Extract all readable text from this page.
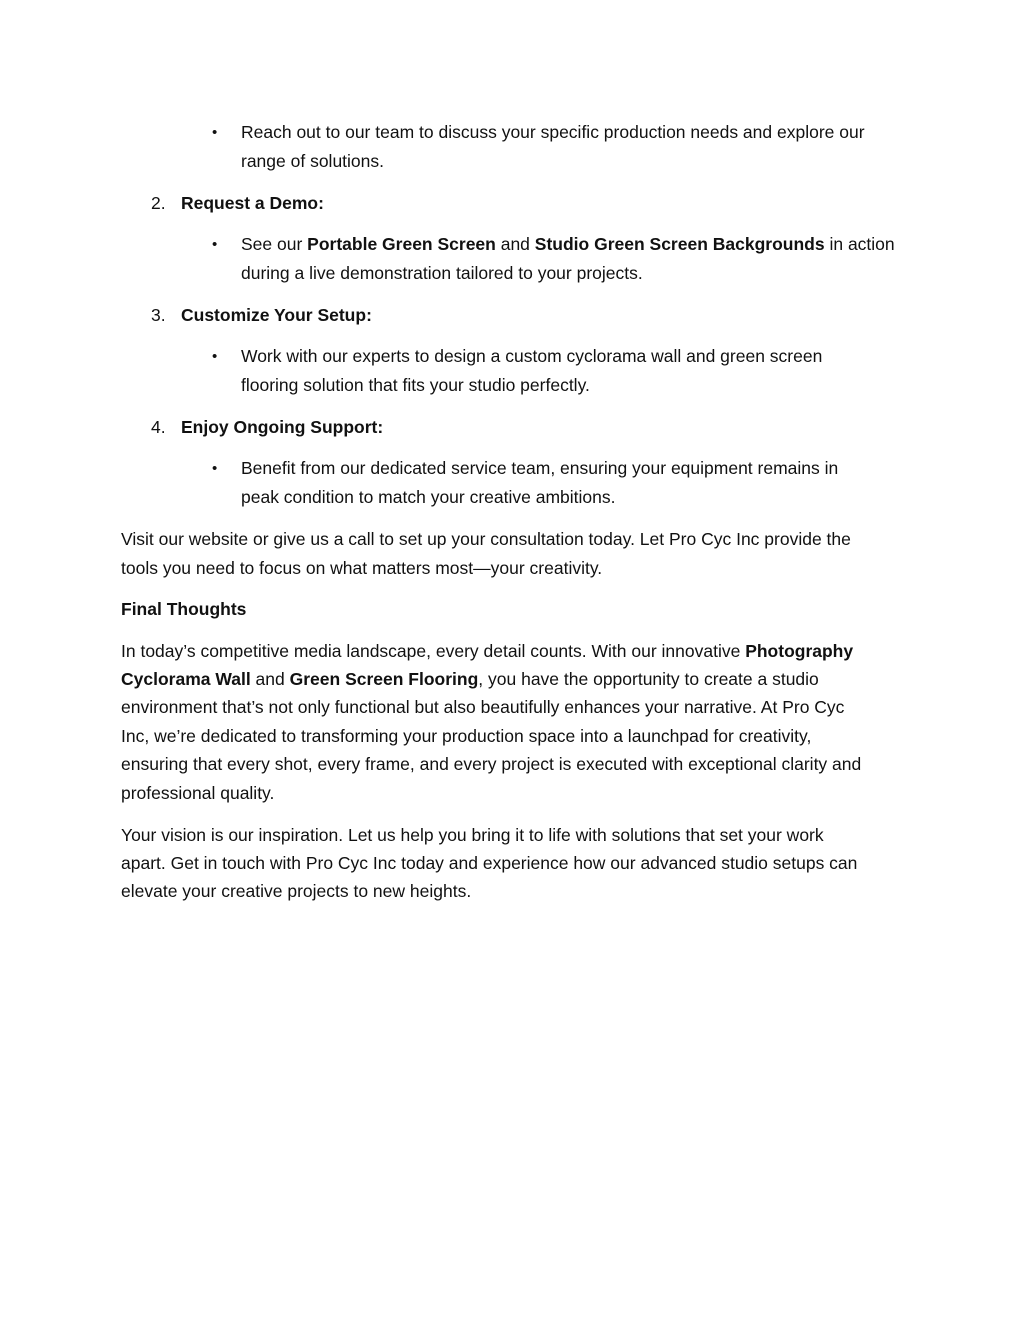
• Reach out to our team to discuss your specific production needs and explore our
range of solutions.
2. Request a Demo:
• See our Portable Green Screen and Studio Green Screen Backgrounds in action
during a live demonstration tailored to your projects.
3. Customize Your Setup:
• Work with our experts to design a custom cyclorama wall and green screen
flooring solution that fits your studio perfectly.
4. Enjoy Ongoing Support:
• Benefit from our dedicated service team, ensuring your equipment remains in
peak condition to match your creative ambitions.
Visit our website or give us a call to set up your consultation today. Let Pro Cyc Inc provide the
tools you need to focus on what matters most—your creativity.
Final Thoughts
In today’s competitive media landscape, every detail counts. With our innovative Photography
Cyclorama Wall and Green Screen Flooring, you have the opportunity to create a studio
environment that’s not only functional but also beautifully enhances your narrative. At Pro Cyc
Inc, we’re dedicated to transforming your production space into a launchpad for creativity,
ensuring that every shot, every frame, and every project is executed with exceptional clarity and
professional quality.
Your vision is our inspiration. Let us help you bring it to life with solutions that set your work
apart. Get in touch with Pro Cyc Inc today and experience how our advanced studio setups can
elevate your creative projects to new heights.
